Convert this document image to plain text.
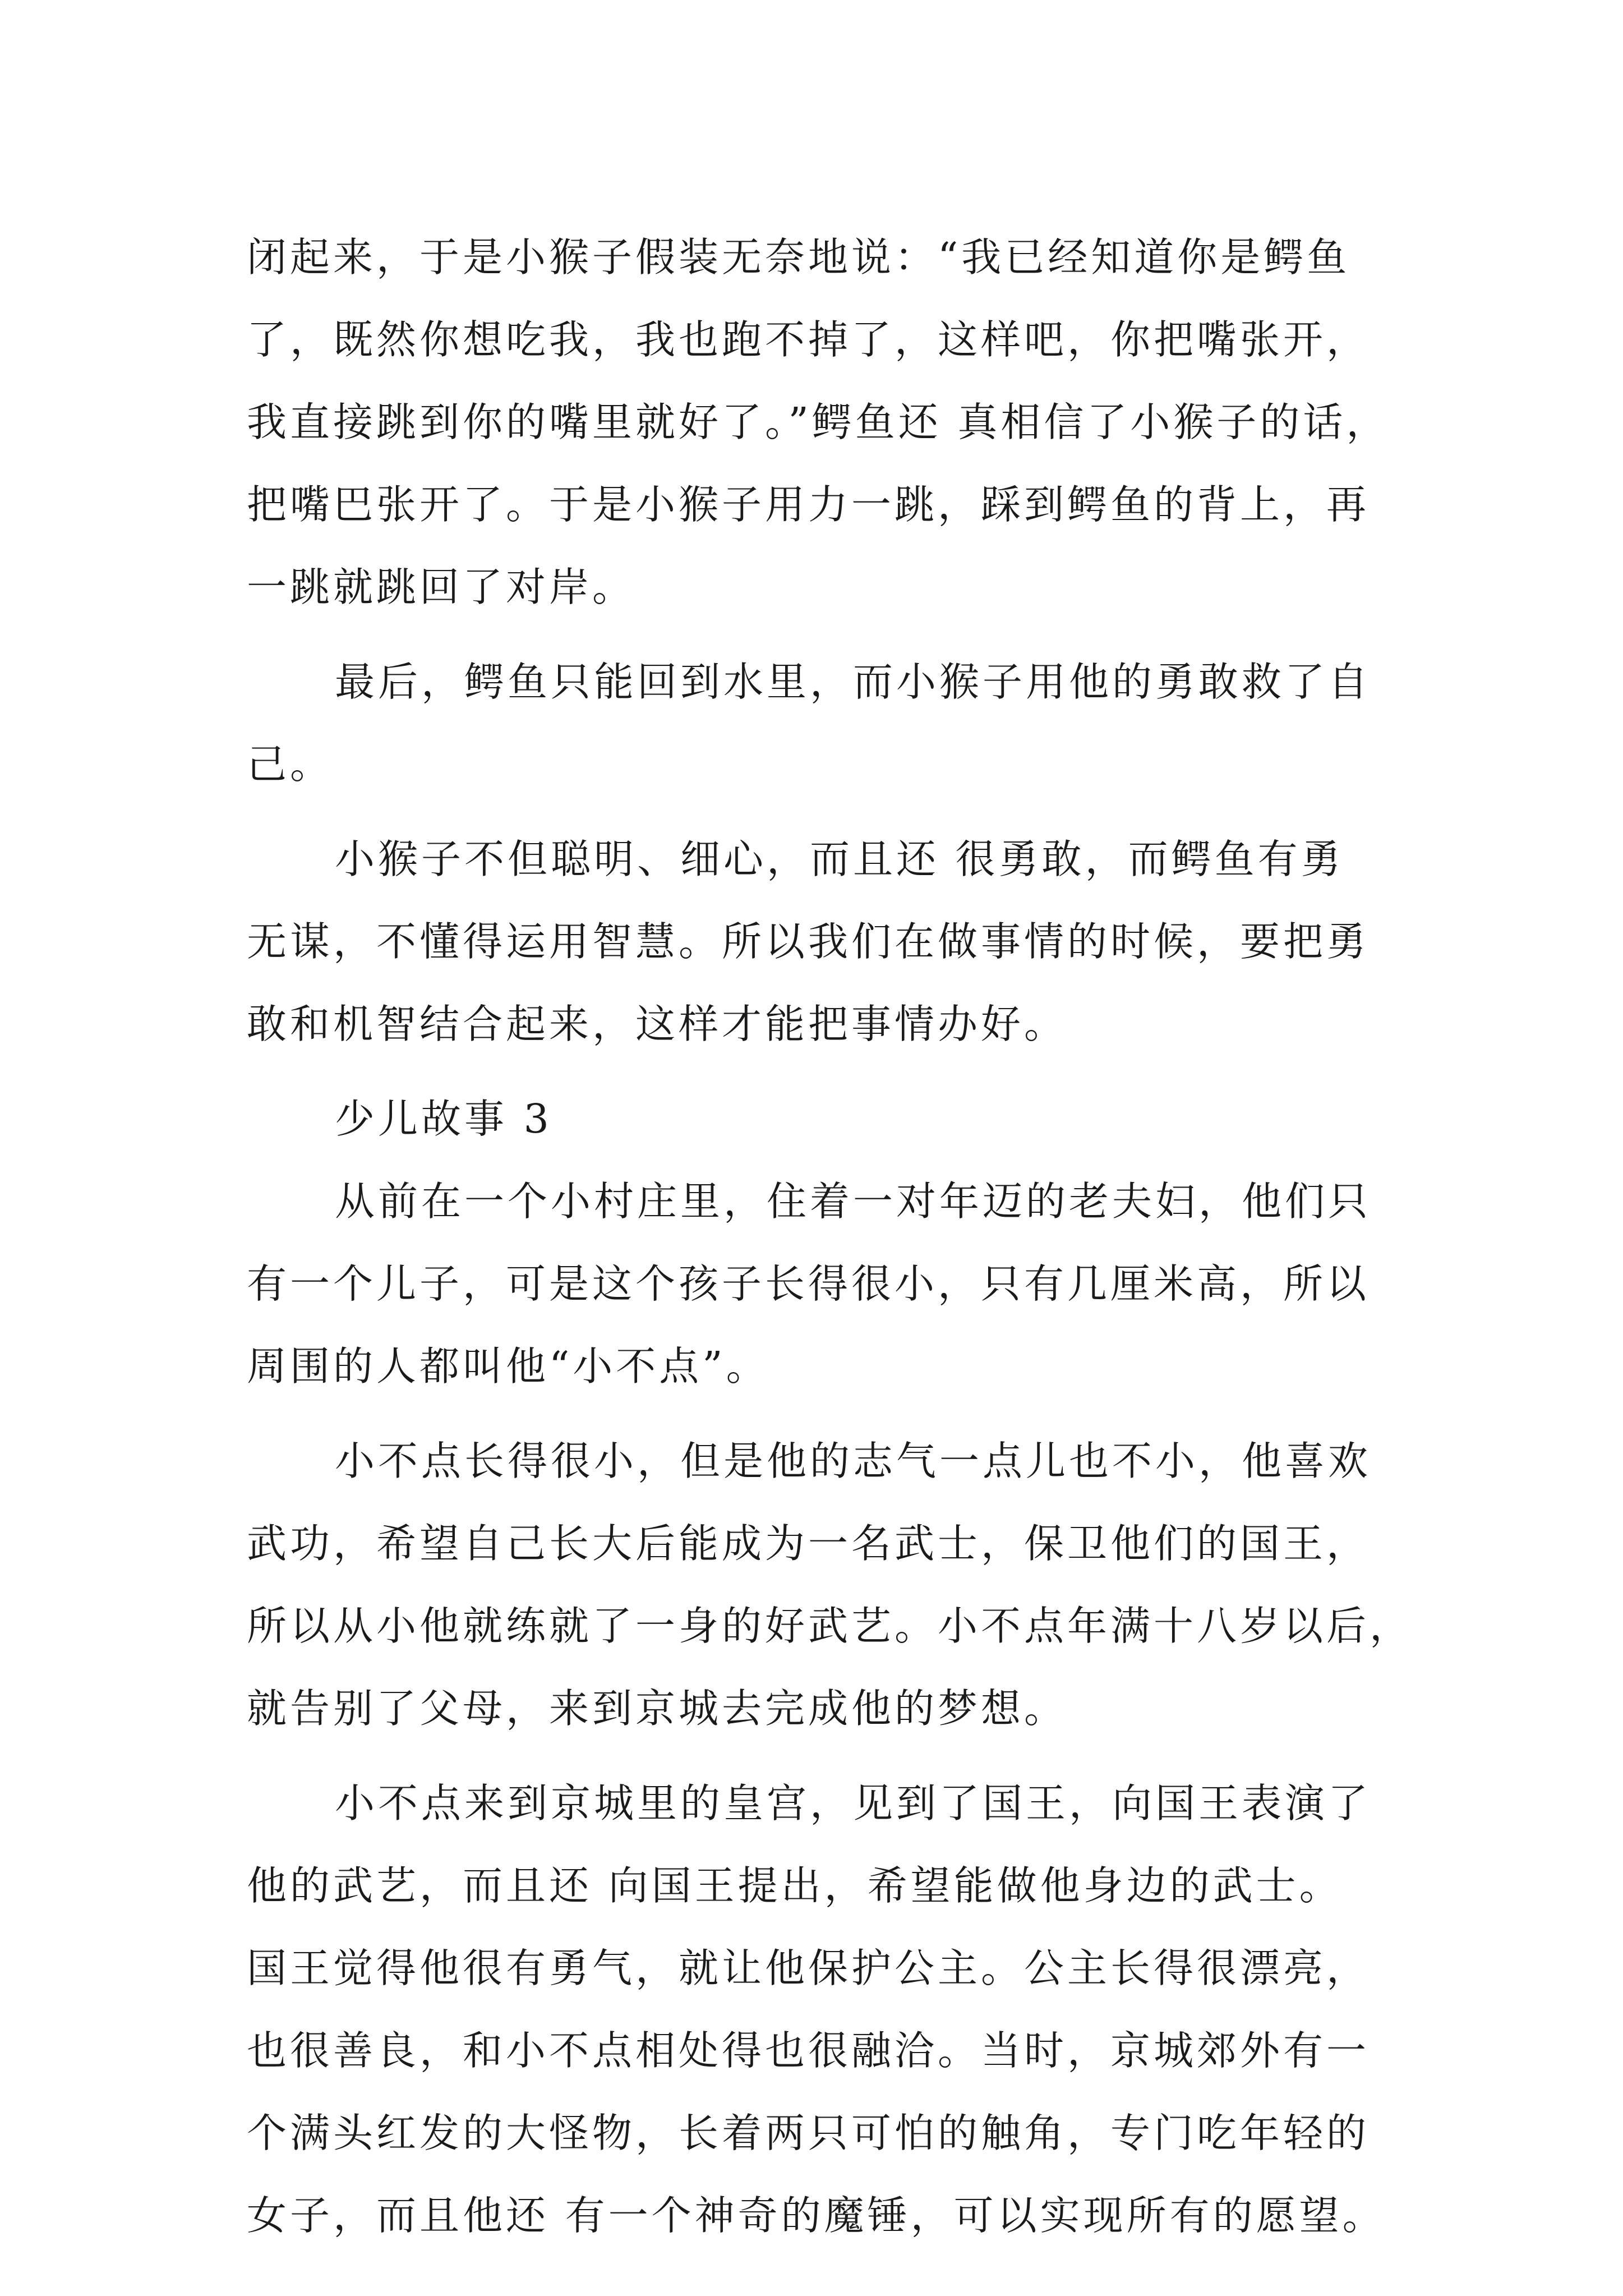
闭起来，于是小猴子假装无奈地说：“我已经知道你是鳄鱼
了，既然你想吃我，我也跑不掉了，这样吧，你把嘴张开，
我直接跳到你的嘴里就好了。”鳄鱼还 真相信了小猴子的话，
把嘴巴张开了。于是小猴子用力一跳，踩到鳄鱼的背上，再
一跳就跳回了对岸。
最后，鳄鱼只能回到水里，而小猴子用他的勇敢救了自
己。
小猴子不但聪明、细心，而且还 很勇敢，而鳄鱼有勇
无谋，不懂得运用智慧。所以我们在做事情的时候，要把勇
敢和机智结合起来，这样才能把事情办好。
少儿故事 3
从前在一个小村庄里，住着一对年迈的老夫妇，他们只
有一个儿子，可是这个孩子长得很小，只有几厘米高，所以
周围的人都叫他“小不点”。
小不点长得很小，但是他的志气一点儿也不小，他喜欢
武功，希望自己长大后能成为一名武士，保卫他们的国王，
所以从小他就练就了一身的好武艺。小不点年满十八岁以后，
就告别了父母，来到京城去完成他的梦想。
小不点来到京城里的皇宫，见到了国王，向国王表演了
他的武艺，而且还 向国王提出，希望能做他身边的武士。
国王觉得他很有勇气，就让他保护公主。公主长得很漂亮，
也很善良，和小不点相处得也很融洽。当时，京城郊外有一
个满头红发的大怪物，长着两只可怕的触角，专门吃年轻的
女子，而且他还 有一个神奇的魔锤，可以实现所有的愿望。
